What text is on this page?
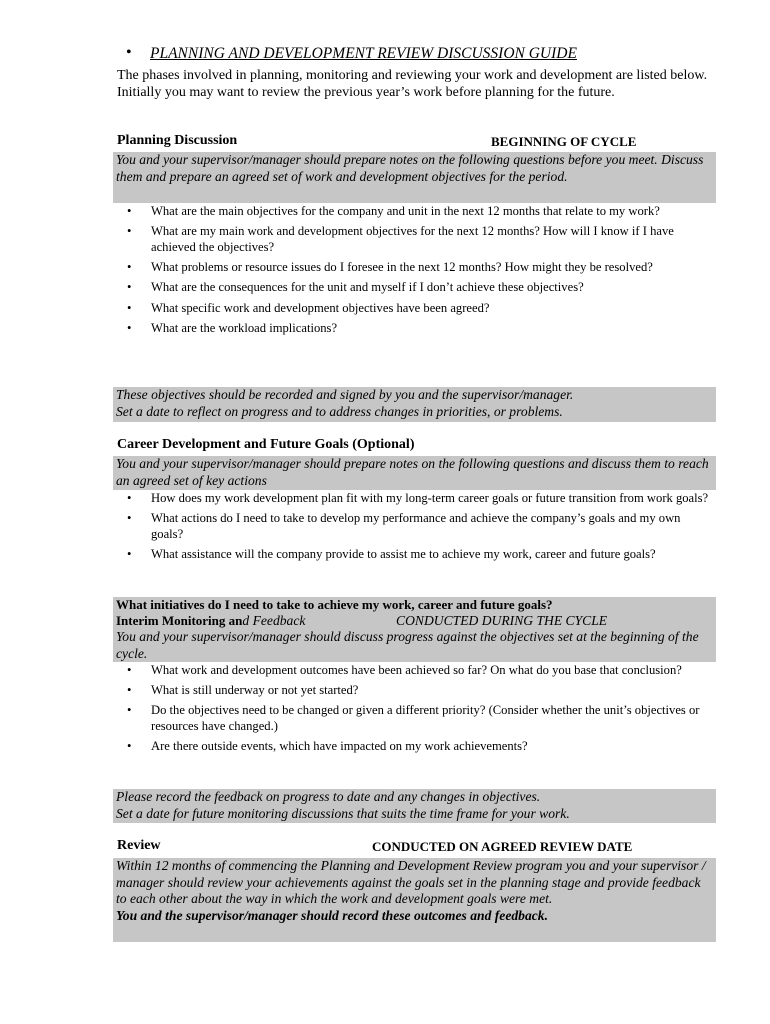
• PLANNING AND DEVELOPMENT REVIEW DISCUSSION GUIDE
The phases involved in planning, monitoring and reviewing your work and development are listed below. Initially you may want to review the previous year’s work before planning for the future.
Planning Discussion	BEGINNING OF CYCLE
You and your supervisor/manager should prepare notes on the following questions before you meet. Discuss them and prepare an agreed set of work and development objectives for the period.
• What are the main objectives for the company and unit in the next 12 months that relate to my work?
• What are my main work and development objectives for the next 12 months? How will I know if I have achieved the objectives?
• What problems or resource issues do I foresee in the next 12 months? How might they be resolved?
• What are the consequences for the unit and myself if I don’t achieve these objectives?
• What specific work and development objectives have been agreed?
• What are the workload implications?
These objectives should be recorded and signed by you and the supervisor/manager.
Set a date to reflect on progress and to address changes in priorities, or problems.
Career Development and Future Goals (Optional)
You and your supervisor/manager should prepare notes on the following questions and discuss them to reach an agreed set of key actions
• How does my work development plan fit with my long-term career goals or future transition from work goals?
• What actions do I need to take to develop my performance and achieve the company’s goals and my own goals?
• What assistance will the company provide to assist me to achieve my work, career and future goals?
What initiatives do I need to take to achieve my work, career and future goals?
Interim Monitoring and Feedback	CONDUCTED DURING THE CYCLE
You and your supervisor/manager should discuss progress against the objectives set at the beginning of the cycle.
• What work and development outcomes have been achieved so far? On what do you base that conclusion?
• What is still underway or not yet started?
• Do the objectives need to be changed or given a different priority? (Consider whether the unit’s objectives or resources have changed.)
• Are there outside events, which have impacted on my work achievements?
Please record the feedback on progress to date and any changes in objectives.
Set a date for future monitoring discussions that suits the time frame for your work.
Review	CONDUCTED ON AGREED REVIEW DATE
Within 12 months of commencing the Planning and Development Review program you and your supervisor / manager should review your achievements against the goals set in the planning stage and provide feedback to each other about the way in which the work and development goals were met.
You and the supervisor/manager should record these outcomes and feedback.
